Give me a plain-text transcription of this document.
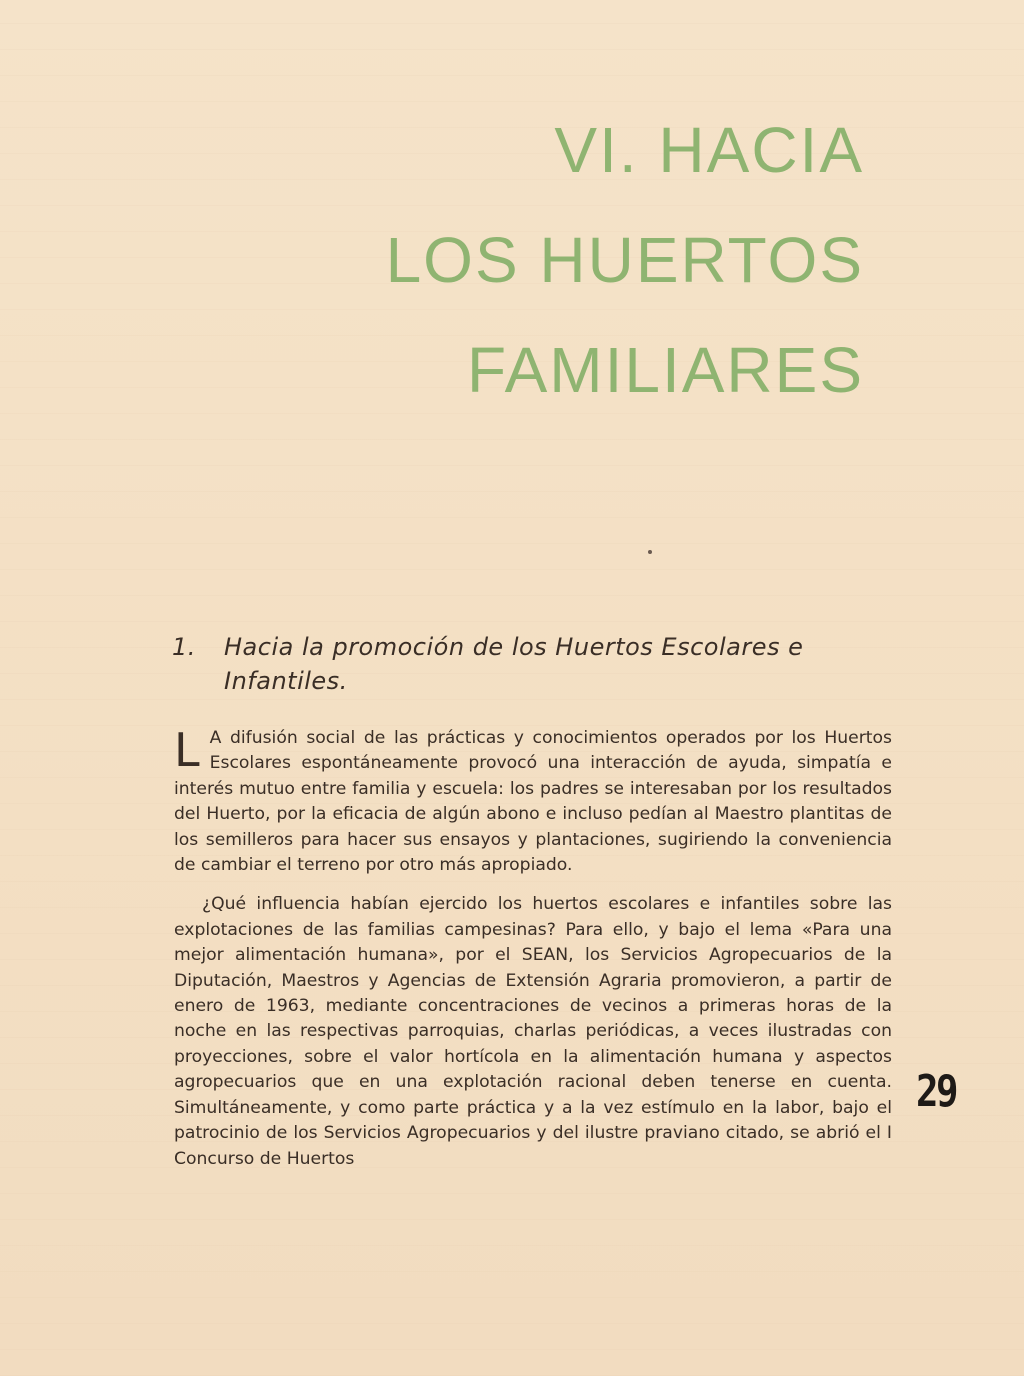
VI. HACIA
LOS HUERTOS
FAMILIARES
1. Hacia la promoción de los Huertos Escolares e
Infantiles.

L A difusión social de las prácticas y conocimientos operados por los Huertos Escolares espontáneamente provocó una interacción de ayuda, simpatía e interés mutuo entre familia y escuela: los padres se interesaban por los resultados del Huerto, por la eficacia de algún abono e incluso pedían al Maestro plantitas de los semilleros para hacer sus ensayos y plantaciones, sugiriendo la conveniencia de cambiar el terreno por otro más apropiado.

¿Qué influencia habían ejercido los huertos escolares e infantiles sobre las explotaciones de las familias campesinas? Para ello, y bajo el lema «Para una mejor alimentación humana», por el SEAN, los Servicios Agropecuarios de la Diputación, Maestros y Agencias de Extensión Agraria promovieron, a partir de enero de 1963, mediante concentraciones de vecinos a primeras horas de la noche en las respectivas parroquias, charlas periódicas, a veces ilustradas con proyecciones, sobre el valor hortícola en la alimentación humana y aspectos agropecuarios que en una explotación racional deben tenerse en cuenta. Simultáneamente, y como parte práctica y a la vez estímulo en la labor, bajo el patrocinio de los Servicios Agropecuarios y del ilustre praviano citado, se abrió el I Concurso de Huertos

29
